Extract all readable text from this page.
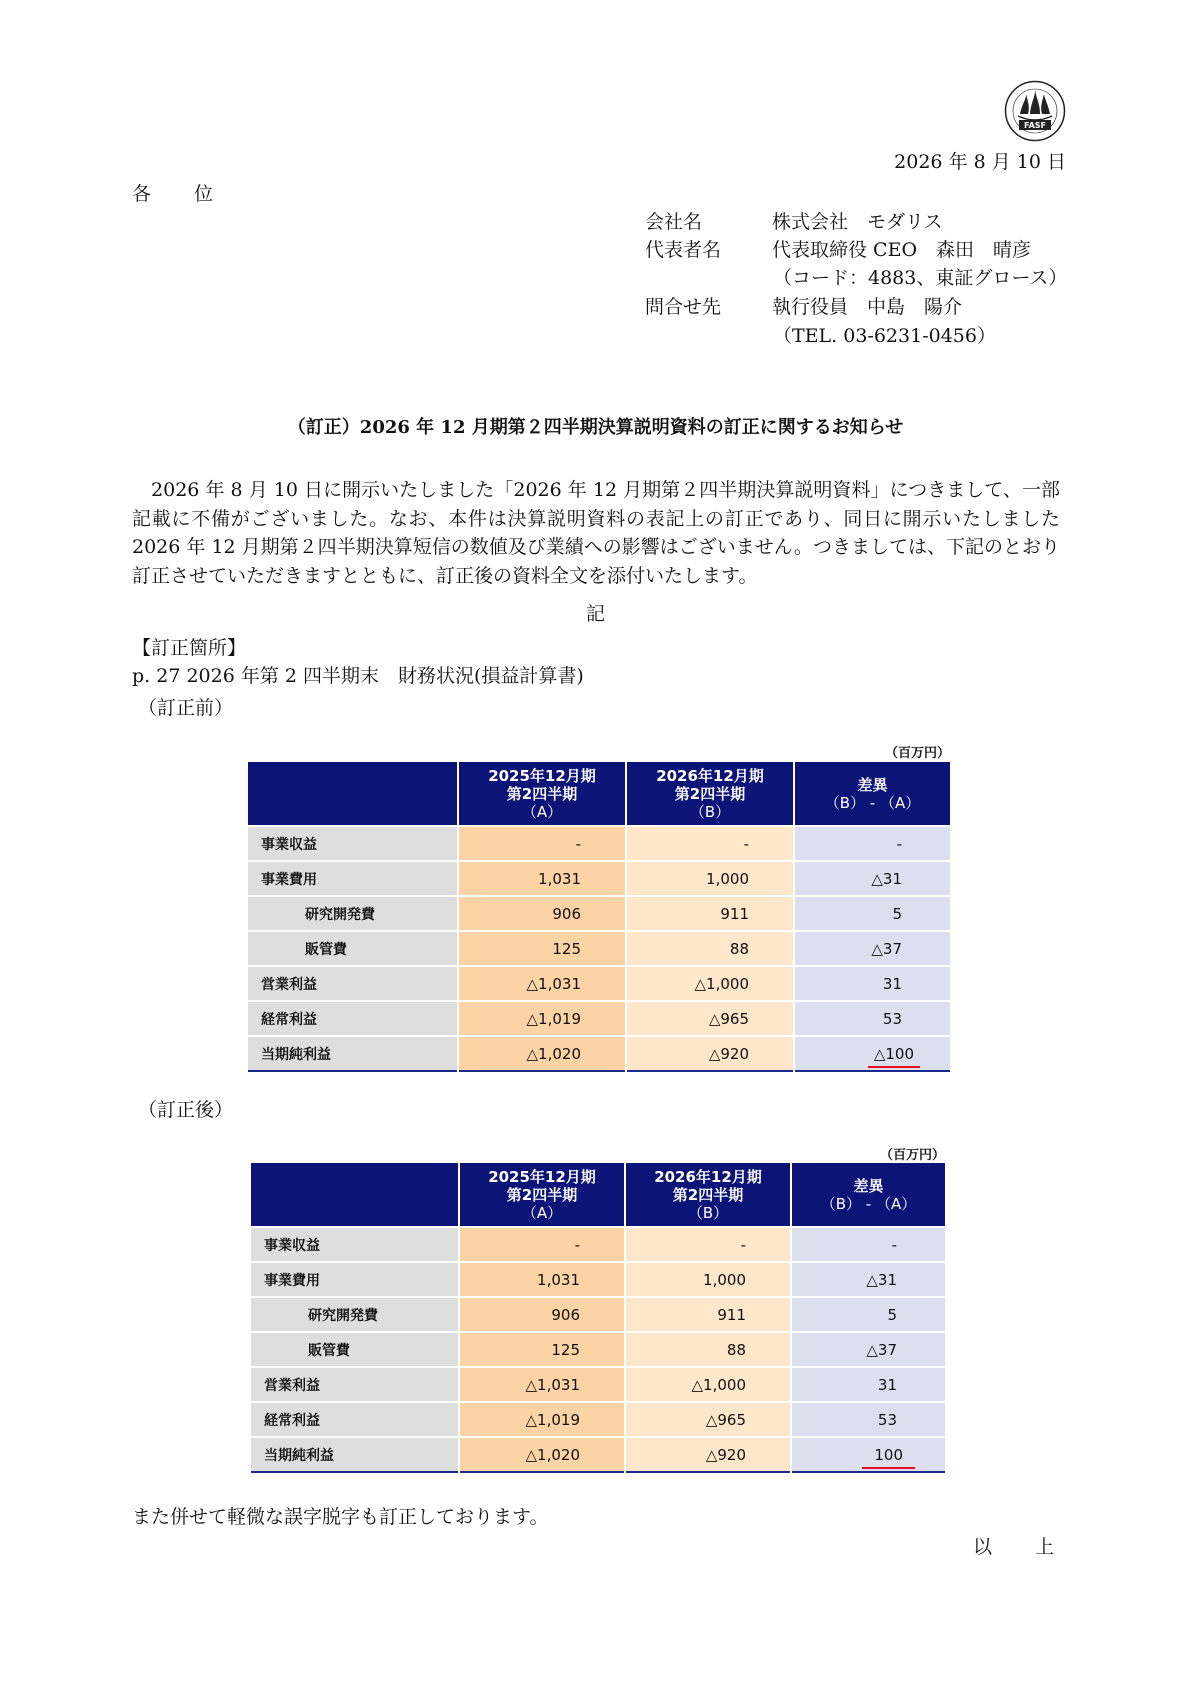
FASF
2026 年 8 月 10 日
各　位
会社名	株式会社　モダリス
代表者名	代表取締役 CEO　森田　晴彦
（コード：4883、東証グロース）
問合せ先	執行役員　中島　陽介
（TEL. 03-6231-0456）
（訂正）2026 年 12 月期第２四半期決算説明資料の訂正に関するお知らせ
　2026 年 8 月 10 日に開示いたしました「2026 年 12 月期第２四半期決算説明資料」につきまして、一部記載に不備がございました。なお、本件は決算説明資料の表記上の訂正であり、同日に開示いたしました 2026 年 12 月期第２四半期決算短信の数値及び業績への影響はございません。つきましては、下記のとおり訂正させていただきますとともに、訂正後の資料全文を添付いたします。
記
【訂正箇所】
p. 27 2026 年第 2 四半期末　財務状況(損益計算書)
（訂正前）
（百万円）
	2025年12月期
第2四半期
（A）	2026年12月期
第2四半期
（B）	差異
（B） - （A）
事業収益	-	-	-
事業費用	1,031	1,000	△31
研究開発費	906	911	5
販管費	125	88	△37
営業利益	△1,031	△1,000	31
経常利益	△1,019	△965	53
当期純利益	△1,020	△920	△100
（訂正後）
（百万円）
	2025年12月期
第2四半期
（A）	2026年12月期
第2四半期
（B）	差異
（B） - （A）
事業収益	-	-	-
事業費用	1,031	1,000	△31
研究開発費	906	911	5
販管費	125	88	△37
営業利益	△1,031	△1,000	31
経常利益	△1,019	△965	53
当期純利益	△1,020	△920	100
また併せて軽微な誤字脱字も訂正しております。
以　上
